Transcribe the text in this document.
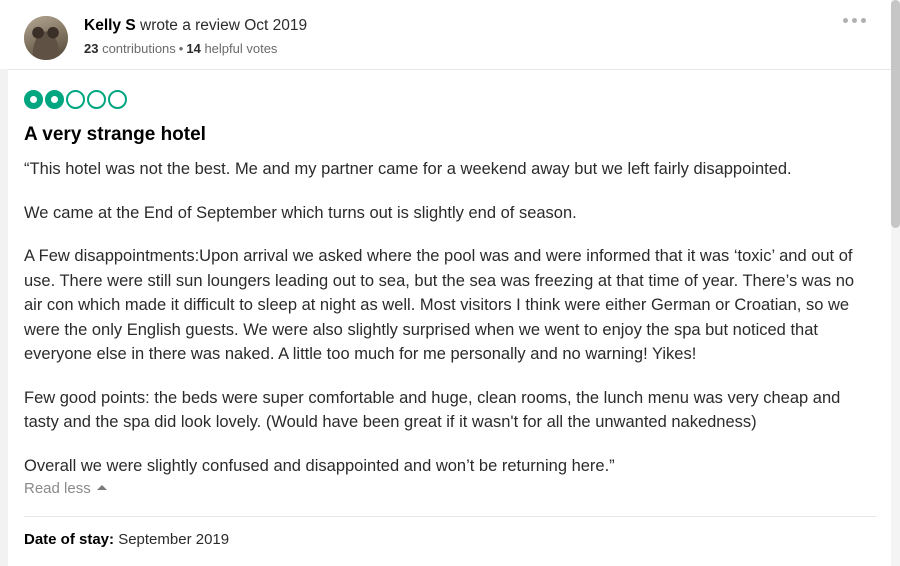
Kelly S wrote a review Oct 2019
23 contributions • 14 helpful votes
A very strange hotel

“This hotel was not the best. Me and my partner came for a weekend away but we left fairly disappointed.

We came at the End of September which turns out is slightly end of season.

A Few disappointments:Upon arrival we asked where the pool was and were informed that it was ‘toxic’ and out of use. There were still sun loungers leading out to sea, but the sea was freezing at that time of year. There’s was no air con which made it difficult to sleep at night as well. Most visitors I think were either German or Croatian, so we were the only English guests. We were also slightly surprised when we went to enjoy the spa but noticed that everyone else in there was naked. A little too much for me personally and no warning! Yikes!

Few good points: the beds were super comfortable and huge, clean rooms, the lunch menu was very cheap and tasty and the spa did look lovely. (Would have been great if it wasn't for all the unwanted nakedness)

Overall we were slightly confused and disappointed and won’t be returning here.”

Read less
Date of stay: September 2019
